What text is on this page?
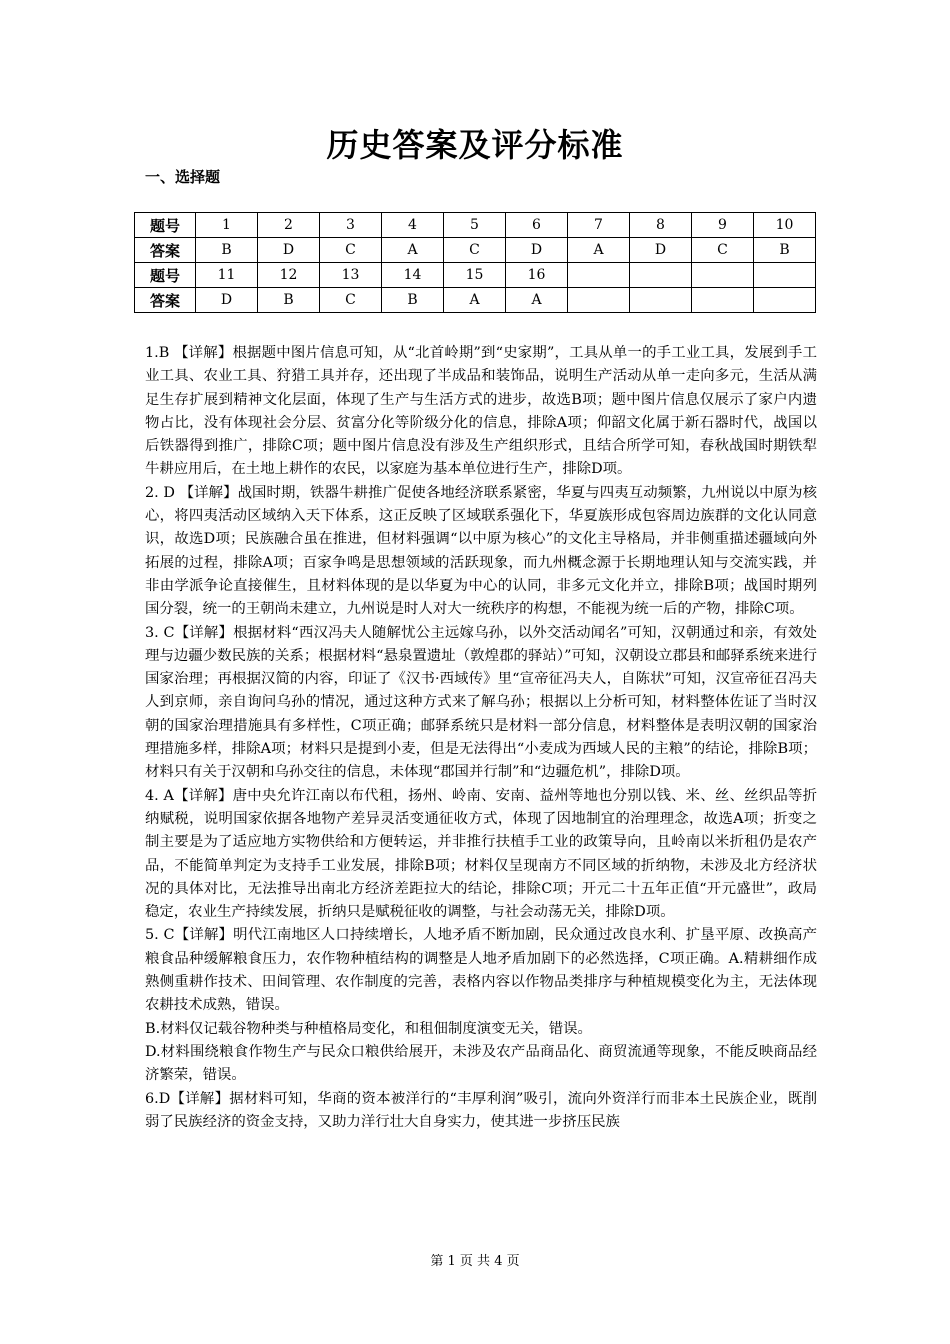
历史答案及评分标准
一、选择题
题号	1	2	3	4	5	6	7	8	9	10
答案	B	D	C	A	C	D	A	D	C	B
题号	11	12	13	14	15	16				
答案	D	B	C	B	A	A				

1.B 【详解】根据题中图片信息可知，从“北首岭期”到“史家期”，工具从单一的手工业工具，发展到手工业工具、农业工具、狩猎工具并存，还出现了半成品和装饰品，说明生产活动从单一走向多元，生活从满足生存扩展到精神文化层面，体现了生产与生活方式的进步，故选B项；题中图片信息仅展示了家户内遗物占比，没有体现社会分层、贫富分化等阶级分化的信息，排除A项；仰韶文化属于新石器时代，战国以后铁器得到推广，排除C项；题中图片信息没有涉及生产组织形式，且结合所学可知，春秋战国时期铁犁牛耕应用后，在土地上耕作的农民，以家庭为基本单位进行生产，排除D项。

2. D 【详解】战国时期，铁器牛耕推广促使各地经济联系紧密，华夏与四夷互动频繁，九州说以中原为核心，将四夷活动区域纳入天下体系，这正反映了区域联系强化下，华夏族形成包容周边族群的文化认同意识，故选D项；民族融合虽在推进，但材料强调“以中原为核心”的文化主导格局，并非侧重描述疆域向外拓展的过程，排除A项；百家争鸣是思想领域的活跃现象，而九州概念源于长期地理认知与交流实践，并非由学派争论直接催生，且材料体现的是以华夏为中心的认同，非多元文化并立，排除B项；战国时期列国分裂，统一的王朝尚未建立，九州说是时人对大一统秩序的构想，不能视为统一后的产物，排除C项。

3. C【详解】根据材料“西汉冯夫人随解忧公主远嫁乌孙，以外交活动闻名”可知，汉朝通过和亲，有效处理与边疆少数民族的关系；根据材料“悬泉置遗址（敦煌郡的驿站）”可知，汉朝设立郡县和邮驿系统来进行国家治理；再根据汉简的内容，印证了《汉书·西域传》里“宣帝征冯夫人，自陈状”可知，汉宣帝征召冯夫人到京师，亲自询问乌孙的情况，通过这种方式来了解乌孙；根据以上分析可知，材料整体佐证了当时汉朝的国家治理措施具有多样性，C项正确；邮驿系统只是材料一部分信息，材料整体是表明汉朝的国家治理措施多样，排除A项；材料只是提到小麦，但是无法得出“小麦成为西域人民的主粮”的结论，排除B项；材料只有关于汉朝和乌孙交往的信息，未体现“郡国并行制”和“边疆危机”，排除D项。

4. A【详解】唐中央允许江南以布代租，扬州、岭南、安南、益州等地也分别以钱、米、丝、丝织品等折纳赋税，说明国家依据各地物产差异灵活变通征收方式，体现了因地制宜的治理理念，故选A项；折变之制主要是为了适应地方实物供给和方便转运，并非推行扶植手工业的政策导向，且岭南以米折租仍是农产品，不能简单判定为支持手工业发展，排除B项；材料仅呈现南方不同区域的折纳物，未涉及北方经济状况的具体对比，无法推导出南北方经济差距拉大的结论，排除C项；开元二十五年正值“开元盛世”，政局稳定，农业生产持续发展，折纳只是赋税征收的调整，与社会动荡无关，排除D项。

5. C【详解】明代江南地区人口持续增长，人地矛盾不断加剧，民众通过改良水利、扩垦平原、改换高产粮食品种缓解粮食压力，农作物种植结构的调整是人地矛盾加剧下的必然选择，C项正确。A.精耕细作成熟侧重耕作技术、田间管理、农作制度的完善，表格内容以作物品类排序与种植规模变化为主，无法体现农耕技术成熟，错误。

B.材料仅记载谷物种类与种植格局变化，和租佃制度演变无关，错误。

D.材料围绕粮食作物生产与民众口粮供给展开，未涉及农产品商品化、商贸流通等现象，不能反映商品经济繁荣，错误。

6.D【详解】据材料可知，华商的资本被洋行的“丰厚利润”吸引，流向外资洋行而非本土民族企业，既削弱了民族经济的资金支持，又助力洋行壮大自身实力，使其进一步挤压民族

第 1 页 共 4 页
